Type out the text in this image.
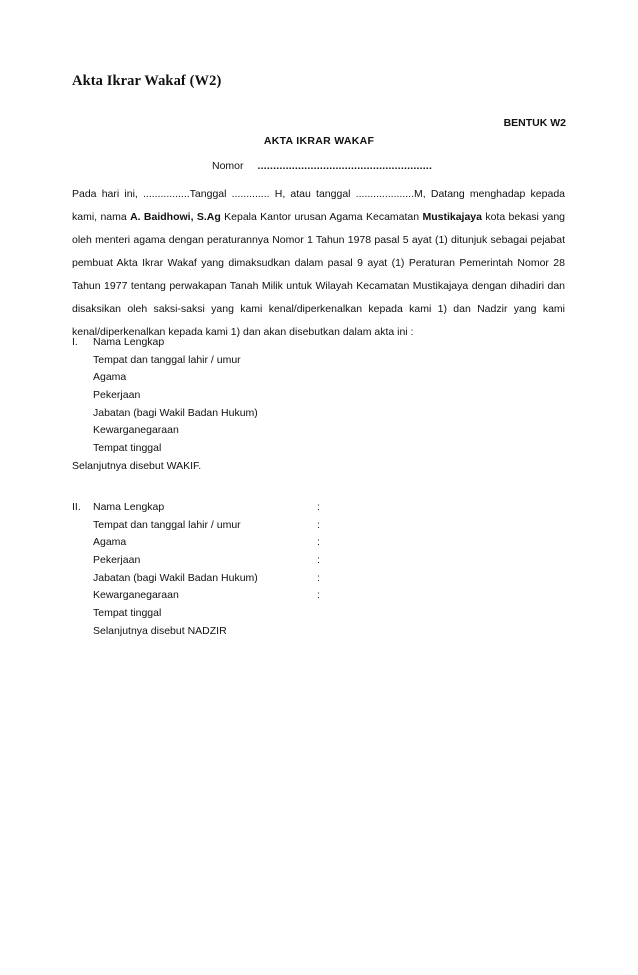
Akta Ikrar Wakaf (W2)
BENTUK W2
AKTA IKRAR WAKAF
Nomor ........................................................
Pada hari ini, ................Tanggal ............. H, atau tanggal ....................M, Datang menghadap kepada
kami, nama A. Baidhowi, S.Ag Kepala Kantor urusan Agama Kecamatan Mustikajaya kota bekasi yang
oleh menteri agama dengan peraturannya Nomor 1 Tahun 1978 pasal 5 ayat (1) ditunjuk sebagai pejabat
pembuat Akta Ikrar Wakaf yang dimaksudkan dalam pasal 9 ayat (1) Peraturan Pemerintah Nomor 28
Tahun 1977 tentang perwakapan Tanah Milik untuk Wilayah Kecamatan Mustikajaya dengan dihadiri dan
disaksikan oleh saksi-saksi yang kami kenal/diperkenalkan kepada kami 1) dan Nadzir yang kami
kenal/diperkenalkan kepada kami 1) dan akan disebutkan dalam akta ini :
I. Nama Lengkap
Tempat dan tanggal lahir / umur
Agama
Pekerjaan
Jabatan (bagi Wakil Badan Hukum)
Kewarganegaraan
Tempat tinggal
Selanjutnya disebut WAKIF.
II. Nama Lengkap	:
Tempat dan tanggal lahir / umur	:
Agama	:
Pekerjaan	:
Jabatan (bagi Wakil Badan Hukum)	:
Kewarganegaraan	:
Tempat tinggal
Selanjutnya disebut NADZIR
